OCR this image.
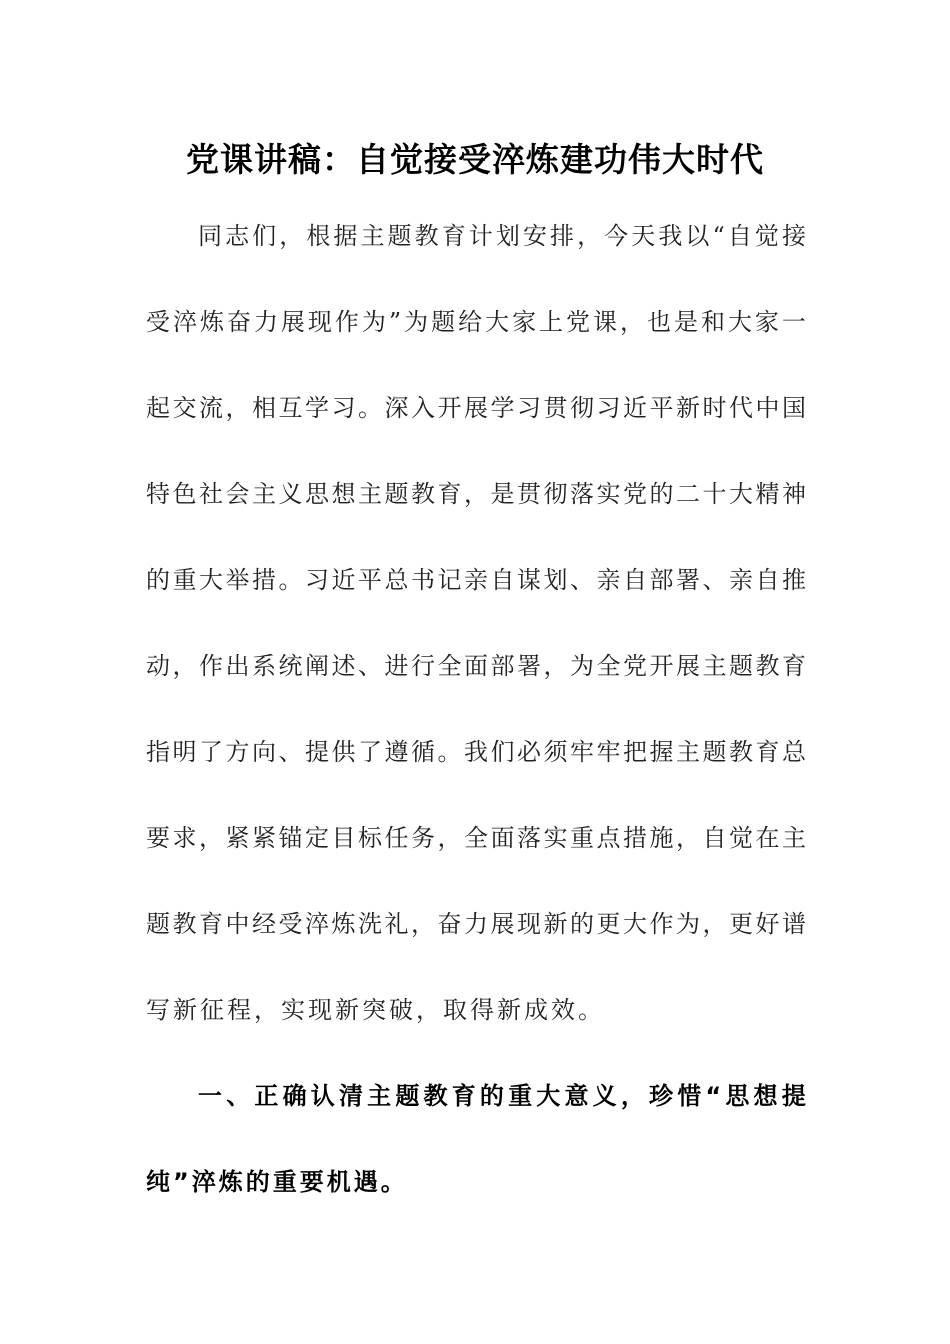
党课讲稿：自觉接受淬炼建功伟大时代
同 志 们 ， 根 据 主 题 教 育 计 划 安 排 ， 今 天 我 以 “ 自 觉 接
受 淬 炼 奋 力 展 现 作 为 ” 为 题 给 大 家 上 党 课 ， 也 是 和 大 家 一
起 交 流 ， 相 互 学 习 。 深 入 开 展 学 习 贯 彻 习 近 平 新 时 代 中 国
特 色 社 会 主 义 思 想 主 题 教 育 ， 是 贯 彻 落 实 党 的 二 十 大 精 神
的 重 大 举 措 。 习 近 平 总 书 记 亲 自 谋 划 、 亲 自 部 署 、 亲 自 推
动 ， 作 出 系 统 阐 述 、 进 行 全 面 部 署 ， 为 全 党 开 展 主 题 教 育
指 明 了 方 向 、 提 供 了 遵 循 。 我 们 必 须 牢 牢 把 握 主 题 教 育 总
要 求 ， 紧 紧 锚 定 目 标 任 务 ， 全 面 落 实 重 点 措 施 ， 自 觉 在 主
题 教 育 中 经 受 淬 炼 洗 礼 ， 奋 力 展 现 新 的 更 大 作 为 ， 更 好 谱
写新征程，实现新突破，取得新成效。
一 、 正 确 认 清 主 题 教 育 的 重 大 意 义 ， 珍 惜 “ 思 想 提
纯”淬炼的重要机遇。
